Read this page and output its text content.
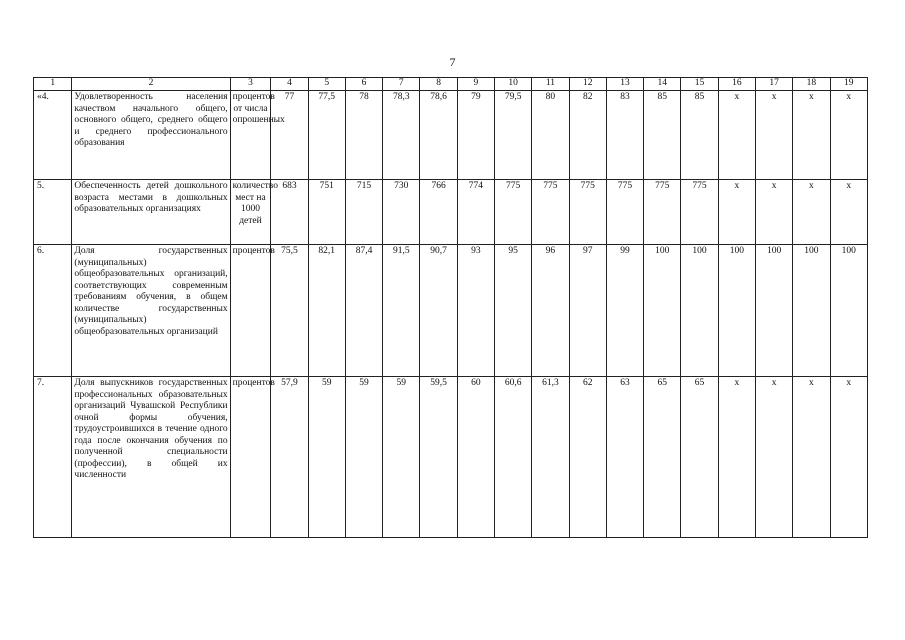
7
1	2	3	4	5	6	7	8	9	10	11	12	13	14	15	16	17	18	19
«4.	Удовлетворенность населения качеством начального общего, основного общего, среднего общего и среднего профессионального образования	процентов от числа опрошенных	77	77,5	78	78,3	78,6	79	79,5	80	82	83	85	85	х	х	х	х
5.	Обеспеченность детей дошкольного возраста местами в дошкольных образовательных организациях	количество мест на 1000 детей	683	751	715	730	766	774	775	775	775	775	775	775	х	х	х	х
6.	Доля государственных (муниципальных) общеобразовательных организаций, соответствующих современным требованиям обучения, в общем количестве государственных (муниципальных) общеобразовательных организаций	процентов	75,5	82,1	87,4	91,5	90,7	93	95	96	97	99	100	100	100	100	100	100
7.	Доля выпускников государственных профессиональных образовательных организаций Чувашской Республики очной формы обучения, трудоустроившихся в течение одного года после окончания обучения по полученной специальности (профессии), в общей их численности	процентов	57,9	59	59	59	59,5	60	60,6	61,3	62	63	65	65	х	х	х	х
